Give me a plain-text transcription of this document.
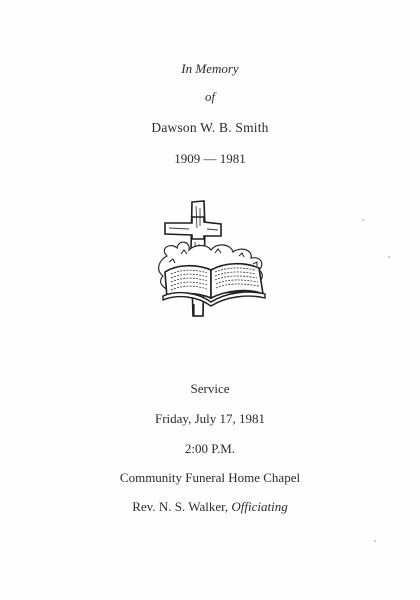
In Memory
of
Dawson W. B. Smith
1909 — 1981
Service
Friday, July 17, 1981
2:00 P.M.
Community Funeral Home Chapel
Rev. N. S. Walker, Officiating
